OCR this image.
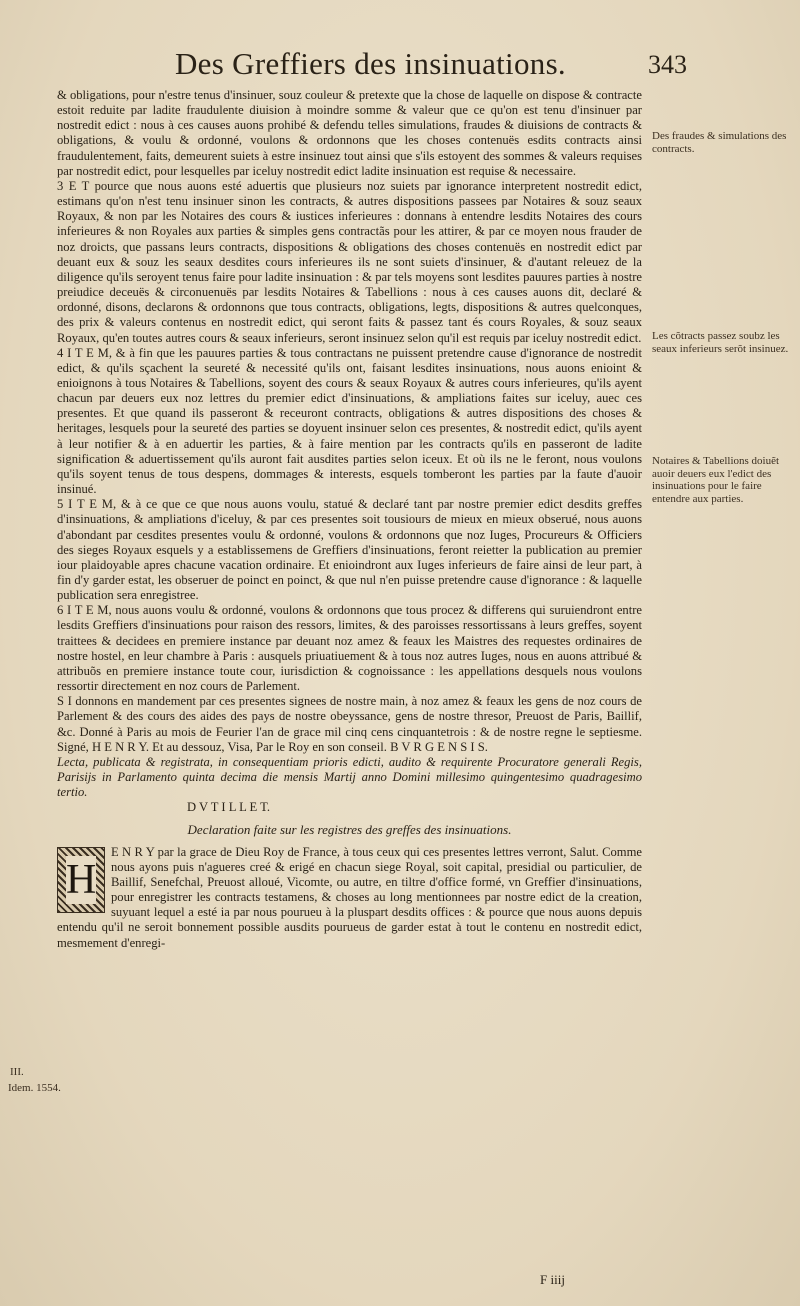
Des Greffiers des insinuations.	343

& obligations, pour n'estre tenus d'insinuer, souz couleur & pretexte que la chose de laquelle on dispose & contracte estoit reduite par ladite fraudulente diuision à moindre somme & valeur que ce qu'on est tenu d'insinuer par nostredit edict : nous à ces causes auons prohibé & defendu telles simulations, fraudes & diuisions de contracts & obligations, & voulu & ordonné, voulons & ordonnons que les choses contenuës esdits contracts ainsi fraudulentement, faits, demeurent suiets à estre insinuez tout ainsi que s'ils estoyent des sommes & valeurs requises par nostredit edict, pour lesquelles par iceluy nostredit edict ladite insinuation est requise & necessaire.

3 E T pource que nous auons esté aduertis que plusieurs noz suiets par ignorance interpretent nostredit edict, estimans qu'on n'est tenu insinuer sinon les contracts, & autres dispositions passees par Notaires & souz seaux Royaux, & non par les Notaires des cours & iustices inferieures : donnans à entendre lesdits Notaires des cours inferieures & non Royales aux parties & simples gens contractãs pour les attirer, & par ce moyen nous frauder de noz droicts, que passans leurs contracts, dispositions & obligations des choses contenuës en nostredit edict par deuant eux & souz les seaux desdites cours inferieures ils ne sont suiets d'insinuer, & d'autant releuez de la diligence qu'ils seroyent tenus faire pour ladite insinuation : & par tels moyens sont lesdites pauures parties à nostre preiudice deceuës & circonuenuës par lesdits Notaires & Tabellions : nous à ces causes auons dit, declaré & ordonné, disons, declarons & ordonnons que tous contracts, obligations, legts, dispositions & autres quelconques, des prix & valeurs contenus en nostredit edict, qui seront faits & passez tant és cours Royales, & souz seaux Royaux, qu'en toutes autres cours & seaux inferieurs, seront insinuez selon qu'il est requis par iceluy nostredit edict.

4 I T E M, & à fin que les pauures parties & tous contractans ne puissent pretendre cause d'ignorance de nostredit edict, & qu'ils sçachent la seureté & necessité qu'ils ont, faisant lesdites insinuations, nous auons enioint & enioignons à tous Notaires & Tabellions, soyent des cours & seaux Royaux & autres cours inferieures, qu'ils ayent chacun par deuers eux noz lettres du premier edict d'insinuations, & ampliations faites sur iceluy, auec ces presentes. Et que quand ils passeront & receuront contracts, obligations & autres dispositions des choses & heritages, lesquels pour la seureté des parties se doyuent insinuer selon ces presentes, & nostredit edict, qu'ils ayent à leur notifier & à en aduertir les parties, & à faire mention par les contracts qu'ils en passeront de ladite signification & aduertissement qu'ils auront fait ausdites parties selon iceux. Et où ils ne le feront, nous voulons qu'ils soyent tenus de tous despens, dommages & interests, esquels tomberont les parties par la faute d'auoir insinué.

5 I T E M, & à ce que ce que nous auons voulu, statué & declaré tant par nostre premier edict desdits greffes d'insinuations, & ampliations d'iceluy, & par ces presentes soit tousiours de mieux en mieux obserué, nous auons d'abondant par cesdites presentes voulu & ordonné, voulons & ordonnons que noz Iuges, Procureurs & Officiers des sieges Royaux esquels y a establissemens de Greffiers d'insinuations, feront reietter la publication au premier iour plaidoyable apres chacune vacation ordinaire. Et enioindront aux Iuges inferieurs de faire ainsi de leur part, à fin d'y garder estat, les obseruer de poinct en poinct, & que nul n'en puisse pretendre cause d'ignorance : & laquelle publication sera enregistree.

6 I T E M, nous auons voulu & ordonné, voulons & ordonnons que tous procez & differens qui suruiendront entre lesdits Greffiers d'insinuations pour raison des ressors, limites, & des paroisses ressortissans à leurs greffes, soyent traittees & decidees en premiere instance par deuant noz amez & feaux les Maistres des requestes ordinaires de nostre hostel, en leur chambre à Paris : ausquels priuatiuement & à tous noz autres Iuges, nous en auons attribué & attribuõs en premiere instance toute cour, iurisdiction & cognoissance : les appellations desquels nous voulons ressortir directement en noz cours de Parlement.

S I donnons en mandement par ces presentes signees de nostre main, à noz amez & feaux les gens de noz cours de Parlement & des cours des aides des pays de nostre obeyssance, gens de nostre thresor, Preuost de Paris, Baillif, &c. Donné à Paris au mois de Feurier l'an de grace mil cinq cens cinquantetrois : & de nostre regne le septiesme. Signé, H E N R Y. Et au dessouz, Visa, Par le Roy en son conseil. B V R G E N S I S.

Lecta, publicata & registrata, in consequentiam prioris edicti, audito & requirente Procuratore generali Regis, Parisijs in Parlamento quinta decima die mensis Martij anno Domini millesimo quingentesimo quadragesimo tertio.

D V T I L L E T.

Declaration faite sur les registres des greffes des insinuations.
H

E N R Y par la grace de Dieu Roy de France, à tous ceux qui ces presentes lettres verront, Salut. Comme nous ayons puis n'agueres creé & erigé en chacun siege Royal, soit capital, presidial ou particulier, de Baillif, Senefchal, Preuost alloué, Vicomte, ou autre, en tiltre d'office formé, vn Greffier d'insinuations, pour enregistrer les contracts testamens, & choses au long mentionnees par nostre edict de la creation, suyuant lequel a esté ia par nous pourueu à la pluspart desdits offices : & pource que nous auons depuis entendu qu'il ne seroit bonnement possible ausdits pourueus de garder estat à tout le contenu en nostredit edict, mesmement d'enregi-

Des fraudes & simulations des contracts.
Les cõtracts passez soubz les seaux inferieurs serõt insinuez.
Notaires & Tabellions doiuẽt auoir deuers eux l'edict des insinuations pour le faire entendre aux parties.
III.
Idem. 1554.
F iiij
